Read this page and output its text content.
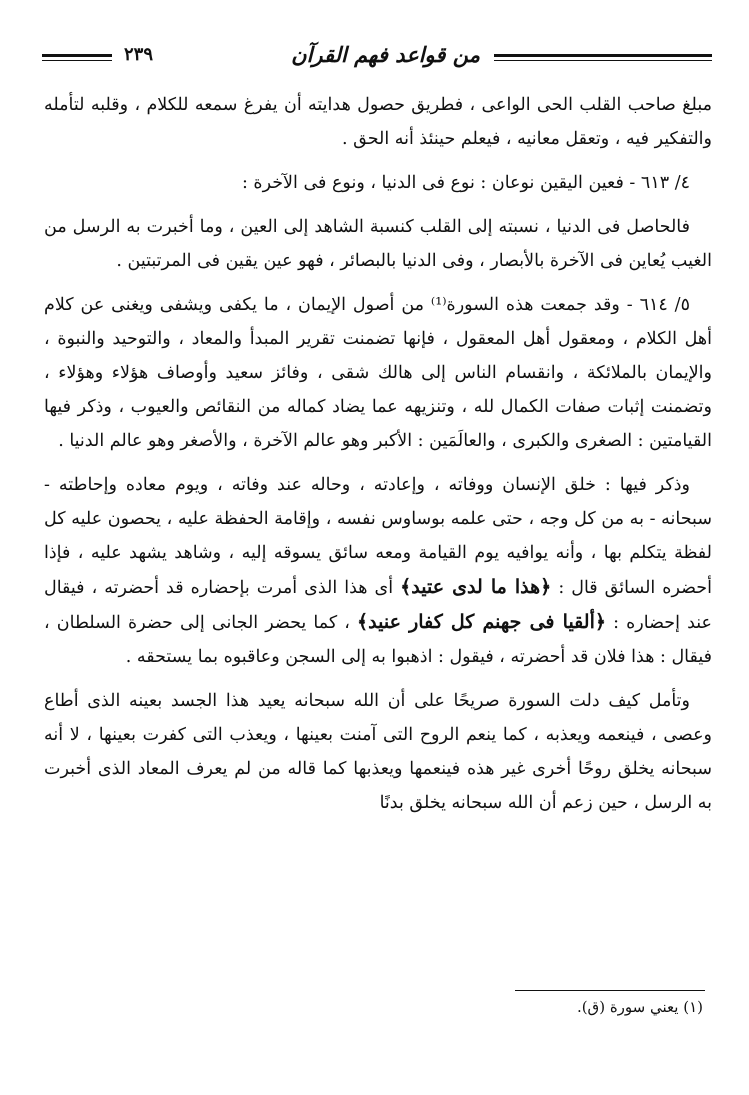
من قواعد فهم القرآن
٢٣٩

مبلغ صاحب القلب الحى الواعى ، فطريق حصول هدايته أن يفرغ سمعه للكلام ، وقلبه لتأمله والتفكير فيه ، وتعقل معانيه ، فيعلم حينئذ أنه الحق .

٤/ ٦١٣ - فعين اليقين نوعان : نوع فى الدنيا ، ونوع فى الآخرة :

فالحاصل فى الدنيا ، نسبته إلى القلب كنسبة الشاهد إلى العين ، وما أخبرت به الرسل من الغيب يُعاين فى الآخرة بالأبصار ، وفى الدنيا بالبصائر ، فهو عين يقين فى المرتبتين .

٥/ ٦١٤ - وقد جمعت هذه السورة⁽¹⁾ من أصول الإيمان ، ما يكفى ويشفى ويغنى عن كلام أهل الكلام ، ومعقول أهل المعقول ، فإنها تضمنت تقرير المبدأ والمعاد ، والتوحيد والنبوة ، والإيمان بالملائكة ، وانقسام الناس إلى هالك شقى ، وفائز سعيد وأوصاف هؤلاء وهؤلاء ، وتضمنت إثبات صفات الكمال لله ، وتنزيهه عما يضاد كماله من النقائص والعيوب ، وذكر فيها القيامتين : الصغرى والكبرى ، والعالَمَين : الأكبر وهو عالم الآخرة ، والأصغر وهو عالم الدنيا .

وذكر فيها : خلق الإنسان ووفاته ، وإعادته ، وحاله عند وفاته ، ويوم معاده وإحاطته - سبحانه - به من كل وجه ، حتى علمه بوساوس نفسه ، وإقامة الحفظة عليه ، يحصون عليه كل لفظة يتكلم بها ، وأنه يوافيه يوم القيامة ومعه سائق يسوقه إليه ، وشاهد يشهد عليه ، فإذا أحضره السائق قال : ﴿هذا ما لدى عتيد﴾ أى هذا الذى أمرت بإحضاره قد أحضرته ، فيقال عند إحضاره : ﴿ألقيا فى جهنم كل كفار عنيد﴾ ، كما يحضر الجانى إلى حضرة السلطان ، فيقال : هذا فلان قد أحضرته ، فيقول : اذهبوا به إلى السجن وعاقبوه بما يستحقه .

وتأمل كيف دلت السورة صريحًا على أن الله سبحانه يعيد هذا الجسد بعينه الذى أطاع وعصى ، فينعمه ويعذبه ، كما ينعم الروح التى آمنت بعينها ، ويعذب التى كفرت بعينها ، لا أنه سبحانه يخلق روحًا أخرى غير هذه فينعمها ويعذبها كما قاله من لم يعرف المعاد الذى أخبرت به الرسل ، حين زعم أن الله سبحانه يخلق بدنًا

(١) يعني سورة (ق).
